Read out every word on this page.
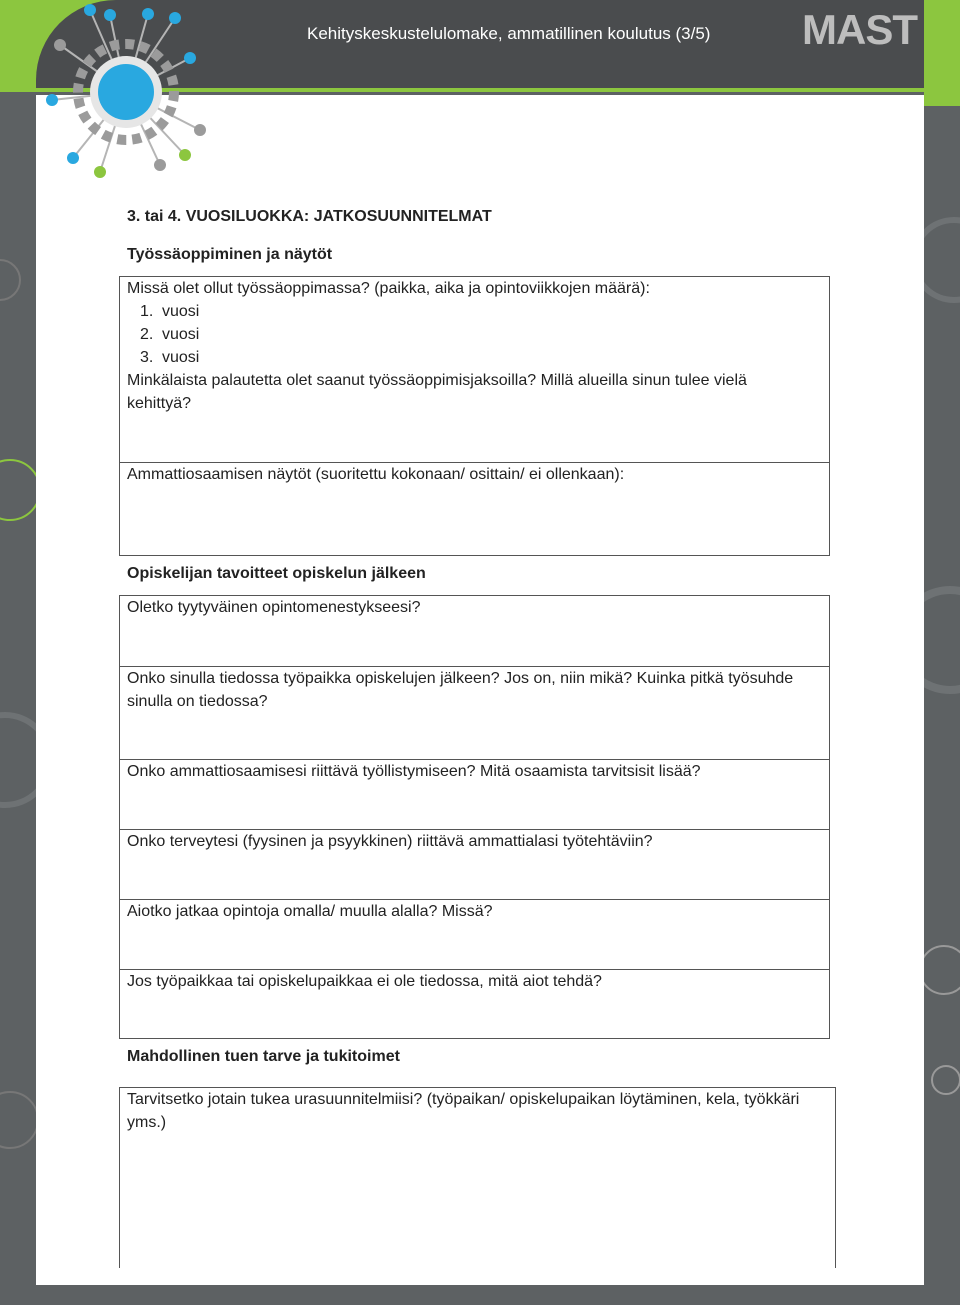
Kehityskeskustelulomake, ammatillinen koulutus (3/5) MAST
3. tai 4. VUOSILUOKKA: JATKOSUUNNITELMAT
Työssäoppiminen ja näytöt

Missä olet ollut työssäoppimassa? (paikka, aika ja opintoviikkojen määrä):

1. vuosi
2. vuosi
3. vuosi

Minkälaista palautetta olet saanut työssäoppimisjaksoilla? Millä alueilla sinun tulee vielä kehittyä?

Ammattiosaamisen näytöt (suoritettu kokonaan/ osittain/ ei ollenkaan):

Opiskelijan tavoitteet opiskelun jälkeen

Oletko tyytyväinen opintomenestykseesi?

Onko sinulla tiedossa työpaikka opiskelujen jälkeen? Jos on, niin mikä? Kuinka pitkä työsuhde sinulla on tiedossa?

Onko ammattiosaamisesi riittävä työllistymiseen? Mitä osaamista tarvitsisit lisää?

Onko terveytesi (fyysinen ja psyykkinen) riittävä ammattialasi työtehtäviin?

Aiotko jatkaa opintoja omalla/ muulla alalla? Missä?

Jos työpaikkaa tai opiskelupaikkaa ei ole tiedossa, mitä aiot tehdä?

Mahdollinen tuen tarve ja tukitoimet

Tarvitsetko jotain tukea urasuunnitelmiisi? (työpaikan/ opiskelupaikan löytäminen, kela, työkkäri yms.)
